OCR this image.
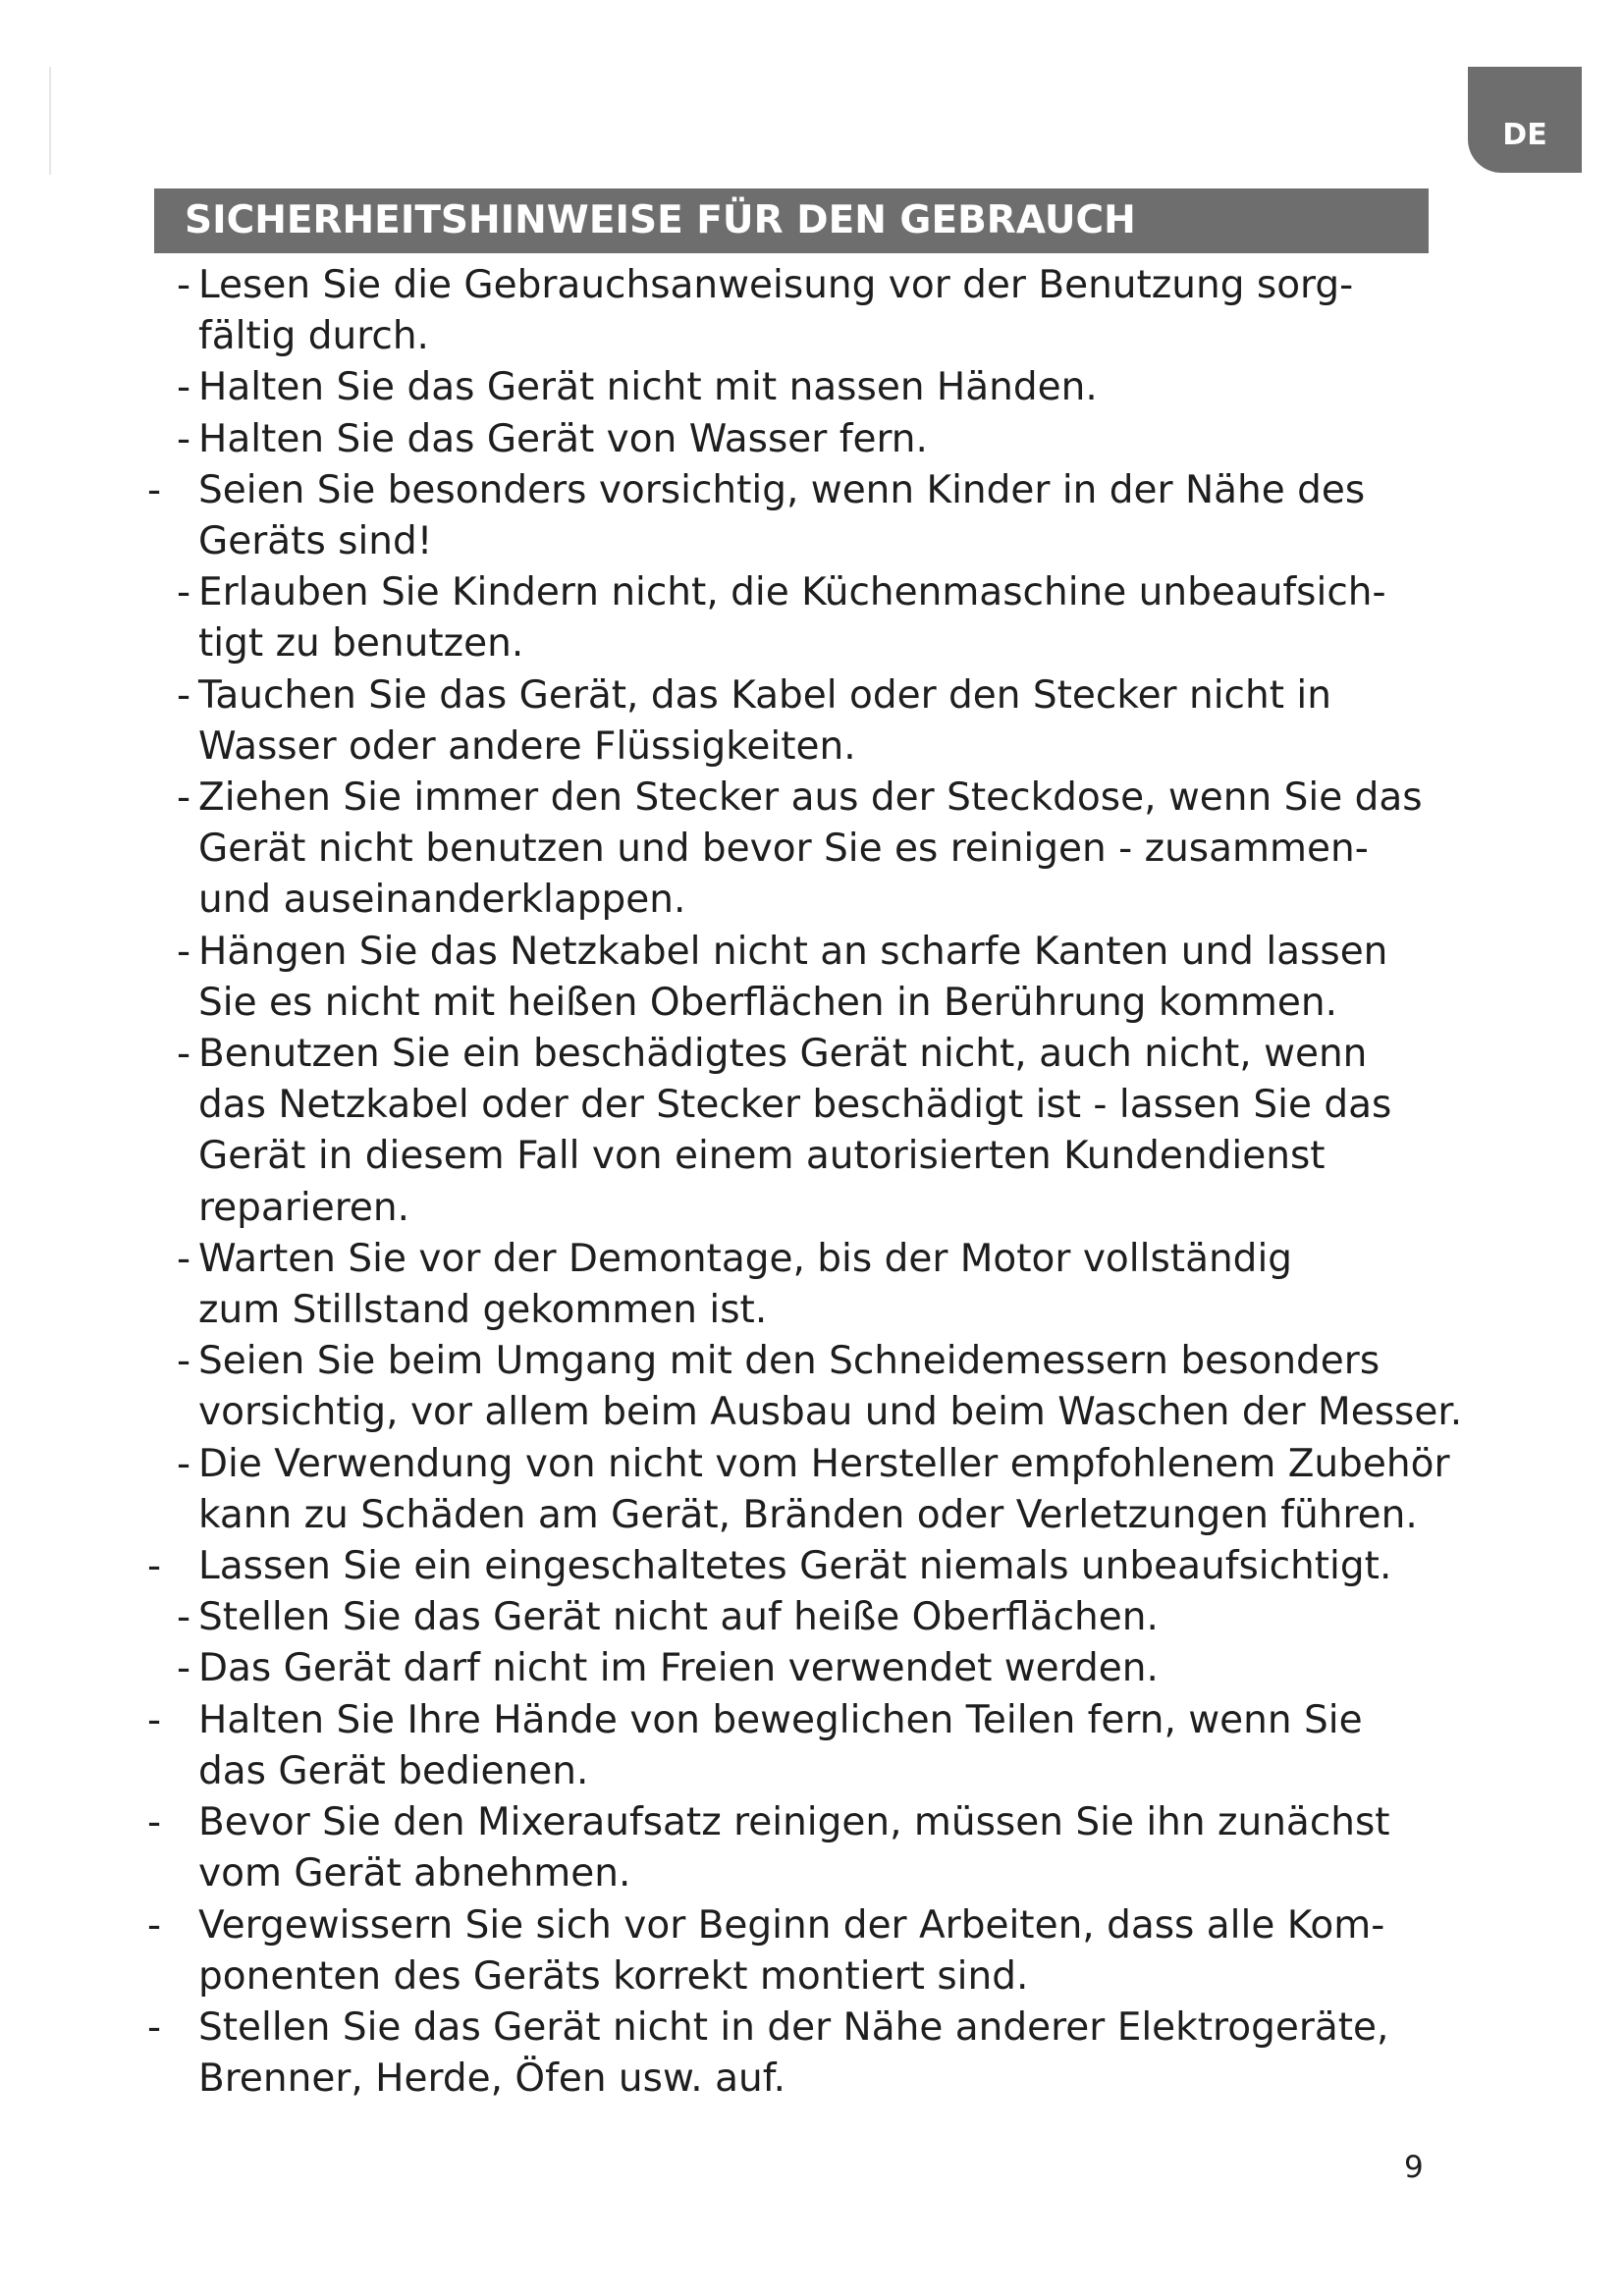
DE
SICHERHEITSHINWEISE FÜR DEN GEBRAUCH
- Lesen Sie die Gebrauchsanweisung vor der Benutzung sorg-
fältig durch.
- Halten Sie das Gerät nicht mit nassen Händen.
- Halten Sie das Gerät von Wasser fern.
- Seien Sie besonders vorsichtig, wenn Kinder in der Nähe des
Geräts sind!
- Erlauben Sie Kindern nicht, die Küchenmaschine unbeaufsich-
tigt zu benutzen.
- Tauchen Sie das Gerät, das Kabel oder den Stecker nicht in
Wasser oder andere Flüssigkeiten.
- Ziehen Sie immer den Stecker aus der Steckdose, wenn Sie das
Gerät nicht benutzen und bevor Sie es reinigen - zusammen-
und auseinanderklappen.
- Hängen Sie das Netzkabel nicht an scharfe Kanten und lassen
Sie es nicht mit heißen Oberflächen in Berührung kommen.
- Benutzen Sie ein beschädigtes Gerät nicht, auch nicht, wenn
das Netzkabel oder der Stecker beschädigt ist - lassen Sie das
Gerät in diesem Fall von einem autorisierten Kundendienst
reparieren.
- Warten Sie vor der Demontage, bis der Motor vollständig
zum Stillstand gekommen ist.
- Seien Sie beim Umgang mit den Schneidemessern besonders
vorsichtig, vor allem beim Ausbau und beim Waschen der Messer.
- Die Verwendung von nicht vom Hersteller empfohlenem Zubehör
kann zu Schäden am Gerät, Bränden oder Verletzungen führen.
- Lassen Sie ein eingeschaltetes Gerät niemals unbeaufsichtigt.
- Stellen Sie das Gerät nicht auf heiße Oberflächen.
- Das Gerät darf nicht im Freien verwendet werden.
- Halten Sie Ihre Hände von beweglichen Teilen fern, wenn Sie
das Gerät bedienen.
- Bevor Sie den Mixeraufsatz reinigen, müssen Sie ihn zunächst
vom Gerät abnehmen.
- Vergewissern Sie sich vor Beginn der Arbeiten, dass alle Kom-
ponenten des Geräts korrekt montiert sind.
- Stellen Sie das Gerät nicht in der Nähe anderer Elektrogeräte,
Brenner, Herde, Öfen usw. auf.
9
